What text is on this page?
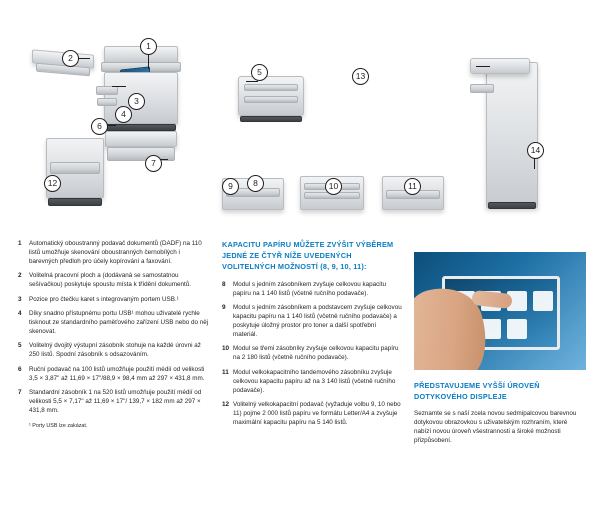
1
2
3
4
5
6
7
8
9	10	11
12
13
14
1 Automatický oboustranný podavač dokumentů (DADF) na 110 listů umožňuje skenování oboustranných černobílých i barevných předloh pro účely kopírování a faxování.

2 Volitelná pracovní ploch a (dodávaná se samostatnou sešívačkou) poskytuje spoustu místa k třídění dokumentů.

3 Pozice pro čtečku karet s integrovaným portem USB.¹

4 Díky snadno přístupnému portu USB¹ mohou uživatelé rychle tisknout ze standardního paměťového zařízení USB nebo do něj skenovat.

5 Volitelný dvojitý výstupní zásobník stohuje na každé úrovni až 250 listů. Spodní zásobník s odsazováním.

6 Ruční podavač na 100 listů umožňuje použití médií od velikosti 3,5 × 3,87" až 11,69 × 17"/88,9 × 98,4 mm až 297 × 431,8 mm.

7 Standardní zásobník 1 na 520 listů umožňuje použití médií od velikosti 5,5 × 7,17" až 11,69 × 17"/ 139,7 × 182 mm až 297 × 431,8 mm.

¹ Porty USB lze zakázat.

KAPACITU PAPÍRU MŮŽETE ZVÝŠIT VÝBĚREM JEDNÉ ZE ČTYŘ NÍŽE UVEDENÝCH VOLITELNÝCH MOŽNOSTÍ (8, 9, 10, 11):

8 Modul s jedním zásobníkem zvyšuje celkovou kapacitu papíru na 1 140 listů (včetně ručního podavače).

9 Modul s jedním zásobníkem a podstavcem zvyšuje celkovou kapacitu papíru na 1 140 listů (včetně ručního podavače) a poskytuje úložný prostor pro toner a další spotřební materiál.

10 Modul se třemi zásobníky zvyšuje celkovou kapacitu papíru na 2 180 listů (včetně ručního podavače).

11 Modul velkokapacitního tandemového zásobníku zvyšuje celkovou kapacitu papíru až na 3 140 listů (včetně ručního podavače).

12 Volitelný velkokapacitní podavač (vyžaduje volbu 9, 10 nebo 11) pojme 2 000 listů papíru ve formátu Letter/A4 a zvyšuje maximální kapacitu papíru na 5 140 listů.

PŘEDSTAVUJEME VYŠŠÍ ÚROVEŇ DOTYKOVÉHO DISPLEJE

Seznamte se s naší zcela novou sedmipalcovou barevnou dotykovou obrazovkou s uživatelským rozhraním, které nabízí novou úroveň všestrannosti a široké možnosti přizpůsobení.
